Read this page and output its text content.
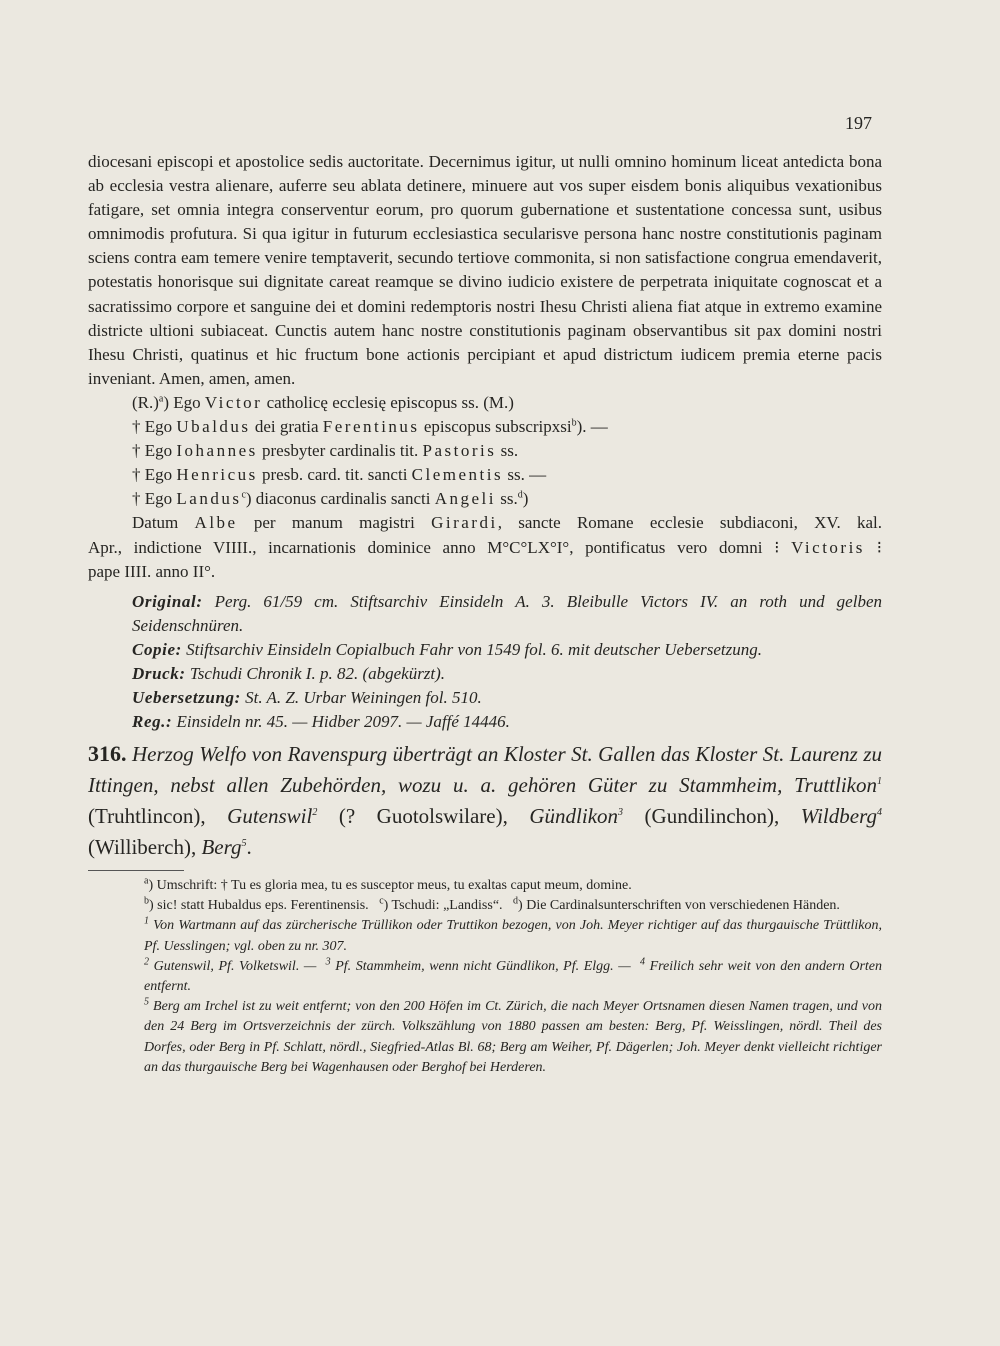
197

diocesani episcopi et apostolice sedis auctoritate. Decernimus igitur, ut nulli omnino hominum liceat antedicta bona ab ecclesia vestra alienare, auferre seu ablata detinere, minuere aut vos super eisdem bonis aliquibus vexationibus fatigare, set omnia integra conserventur eorum, pro quorum gubernatione et sustentatione concessa sunt, usibus omnimodis profutura. Si qua igitur in futurum ecclesiastica secularisve persona hanc nostre constitutionis paginam sciens contra eam temere venire temptaverit, secundo tertiove commonita, si non satisfactione congrua emendaverit, potestatis honorisque sui dignitate careat reamque se divino iudicio existere de perpetrata iniquitate cognoscat et a sacratissimo corpore et sanguine dei et domini redemptoris nostri Ihesu Christi aliena fiat atque in extremo examine districte ultioni subiaceat. Cunctis autem hanc nostre constitutionis paginam observantibus sit pax domini nostri Ihesu Christi, quatinus et hic fructum bone actionis percipiant et apud districtum iudicem premia eterne pacis inveniant. Amen, amen, amen.

$(R.)^a$) Ego Victor catholicę ecclesię episcopus ss. (M.)

† Ego Ubaldus dei gratia Ferentinus episcopus subscripxsi$^b$). —

† Ego Iohannes presbyter cardinalis tit. Pastoris ss.

† Ego Henricus presb. card. tit. sancti Clementis ss. —

† Ego Landus$^c$) diaconus cardinalis sancti Angeli ss.$^d$)

Datum Albe per manum magistri Girardi, sancte Romane ecclesie subdiaconi, XV. kal.

Apr., indictione VIIII., incarnationis dominice anno M°C°LX°I°, pontificatus vero domni ⁝ Victoris ⁝

pape IIII. anno II°.

Original: Perg. 61/59 cm. Stiftsarchiv Einsideln A. 3. Bleibulle Victors IV. an roth und gelben Seidenschnüren.

Copie: Stiftsarchiv Einsideln Copialbuch Fahr von 1549 fol. 6. mit deutscher Uebersetzung.

Druck: Tschudi Chronik I. p. 82. (abgekürzt).

Uebersetzung: St. A. Z. Urbar Weiningen fol. 510.

Reg.: Einsideln nr. 45. — Hidber 2097. — Jaffé 14446.

316. Herzog Welfo von Ravenspurg überträgt an Kloster St. Gallen das Kloster St. Laurenz zu Ittingen, nebst allen Zubehörden, wozu u. a. gehören Güter zu Stammheim, Truttlikon$^1$ (Truhtlincon), Gutenswil$^2$ (? Guotolswilare), Gündlikon$^3$ (Gundilinchon), Wildberg$^4$ (Williberch), Berg$^5$.

$^a$) Umschrift: † Tu es gloria mea, tu es susceptor meus, tu exaltas caput meum, domine.

$^b$) sic! statt Hubaldus eps. Ferentinensis. $^c$) Tschudi: „Landiss“. $^d$) Die Cardinalsunterschriften von verschiedenen Händen.

$^1$ Von Wartmann auf das zürcherische Trüllikon oder Truttikon bezogen, von Joh. Meyer richtiger auf das thurgauische Trüttlikon, Pf. Uesslingen; vgl. oben zu nr. 307.

$^2$ Gutenswil, Pf. Volketswil. — $^3$ Pf. Stammheim, wenn nicht Gündlikon, Pf. Elgg. — $^4$ Freilich sehr weit von den andern Orten entfernt.

$^5$ Berg am Irchel ist zu weit entfernt; von den 200 Höfen im Ct. Zürich, die nach Meyer Ortsnamen diesen Namen tragen, und von den 24 Berg im Ortsverzeichnis der zürch. Volkszählung von 1880 passen am besten: Berg, Pf. Weisslingen, nördl. Theil des Dorfes, oder Berg in Pf. Schlatt, nördl., Siegfried-Atlas Bl. 68; Berg am Weiher, Pf. Dägerlen; Joh. Meyer denkt vielleicht richtiger an das thurgauische Berg bei Wagenhausen oder Berghof bei Herderen.
